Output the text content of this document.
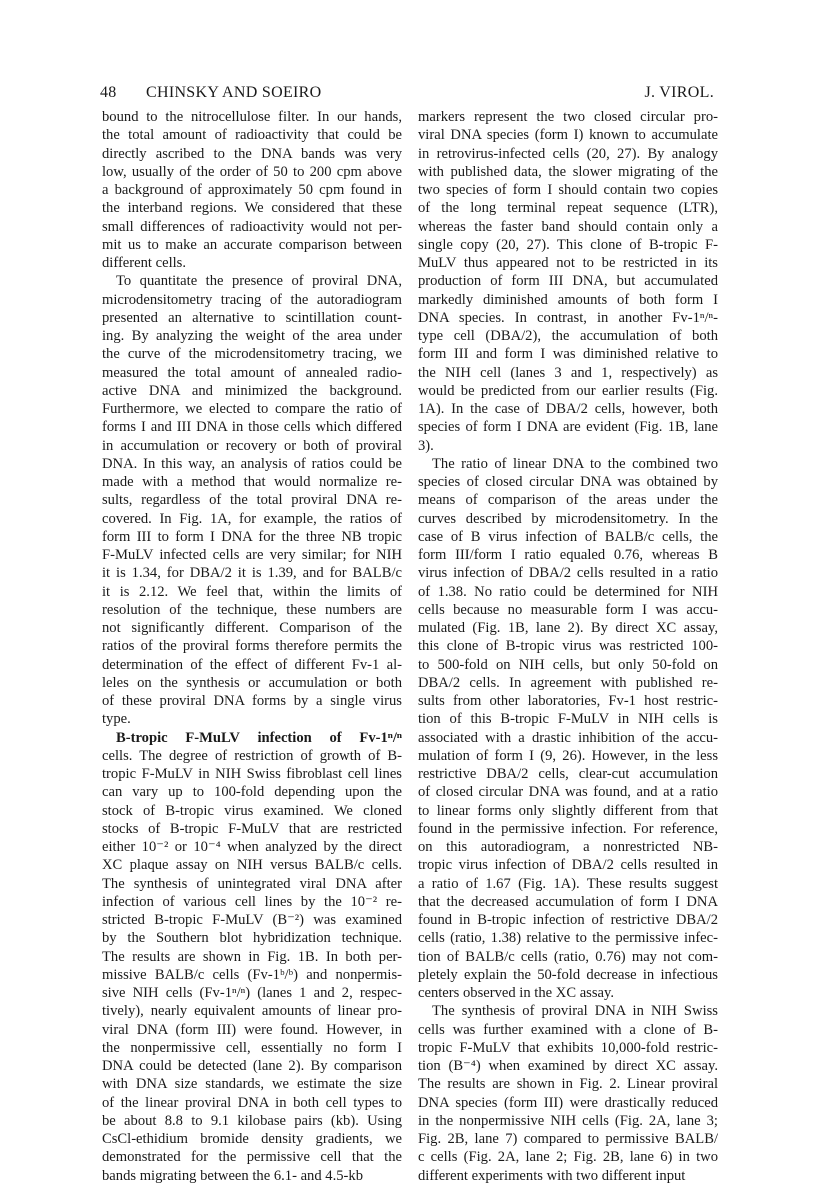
48 CHINSKY AND SOEIRO	J. VIROL.

bound to the nitrocellulose filter. In our hands,
the total amount of radioactivity that could be
directly ascribed to the DNA bands was very
low, usually of the order of 50 to 200 cpm above
a background of approximately 50 cpm found in
the interband regions. We considered that these
small differences of radioactivity would not per-
mit us to make an accurate comparison between
different cells.

To quantitate the presence of proviral DNA,
microdensitometry tracing of the autoradiogram
presented an alternative to scintillation count-
ing. By analyzing the weight of the area under
the curve of the microdensitometry tracing, we
measured the total amount of annealed radio-
active DNA and minimized the background.
Furthermore, we elected to compare the ratio of
forms I and III DNA in those cells which differed
in accumulation or recovery or both of proviral
DNA. In this way, an analysis of ratios could be
made with a method that would normalize re-
sults, regardless of the total proviral DNA re-
covered. In Fig. 1A, for example, the ratios of
form III to form I DNA for the three NB tropic
F-MuLV infected cells are very similar; for NIH
it is 1.34, for DBA/2 it is 1.39, and for BALB/c
it is 2.12. We feel that, within the limits of
resolution of the technique, these numbers are
not significantly different. Comparison of the
ratios of the proviral forms therefore permits the
determination of the effect of different Fv-1 al-
leles on the synthesis or accumulation or both
of these proviral DNA forms by a single virus
type.

B-tropic F-MuLV infection of Fv-1ⁿ/ⁿ
cells. The degree of restriction of growth of B-
tropic F-MuLV in NIH Swiss fibroblast cell lines
can vary up to 100-fold depending upon the
stock of B-tropic virus examined. We cloned
stocks of B-tropic F-MuLV that are restricted
either 10⁻² or 10⁻⁴ when analyzed by the direct
XC plaque assay on NIH versus BALB/c cells.
The synthesis of unintegrated viral DNA after
infection of various cell lines by the 10⁻² re-
stricted B-tropic F-MuLV (B⁻²) was examined
by the Southern blot hybridization technique.
The results are shown in Fig. 1B. In both per-
missive BALB/c cells (Fv-1ᵇ/ᵇ) and nonpermis-
sive NIH cells (Fv-1ⁿ/ⁿ) (lanes 1 and 2, respec-
tively), nearly equivalent amounts of linear pro-
viral DNA (form III) were found. However, in
the nonpermissive cell, essentially no form I
DNA could be detected (lane 2). By comparison
with DNA size standards, we estimate the size
of the linear proviral DNA in both cell types to
be about 8.8 to 9.1 kilobase pairs (kb). Using
CsCl-ethidium bromide density gradients, we
demonstrated for the permissive cell that the
bands migrating between the 6.1- and 4.5-kb

markers represent the two closed circular pro-
viral DNA species (form I) known to accumulate
in retrovirus-infected cells (20, 27). By analogy
with published data, the slower migrating of the
two species of form I should contain two copies
of the long terminal repeat sequence (LTR),
whereas the faster band should contain only a
single copy (20, 27). This clone of B-tropic F-
MuLV thus appeared not to be restricted in its
production of form III DNA, but accumulated
markedly diminished amounts of both form I
DNA species. In contrast, in another Fv-1ⁿ/ⁿ-
type cell (DBA/2), the accumulation of both
form III and form I was diminished relative to
the NIH cell (lanes 3 and 1, respectively) as
would be predicted from our earlier results (Fig.
1A). In the case of DBA/2 cells, however, both
species of form I DNA are evident (Fig. 1B, lane
3).

The ratio of linear DNA to the combined two
species of closed circular DNA was obtained by
means of comparison of the areas under the
curves described by microdensitometry. In the
case of B virus infection of BALB/c cells, the
form III/form I ratio equaled 0.76, whereas B
virus infection of DBA/2 cells resulted in a ratio
of 1.38. No ratio could be determined for NIH
cells because no measurable form I was accu-
mulated (Fig. 1B, lane 2). By direct XC assay,
this clone of B-tropic virus was restricted 100-
to 500-fold on NIH cells, but only 50-fold on
DBA/2 cells. In agreement with published re-
sults from other laboratories, Fv-1 host restric-
tion of this B-tropic F-MuLV in NIH cells is
associated with a drastic inhibition of the accu-
mulation of form I (9, 26). However, in the less
restrictive DBA/2 cells, clear-cut accumulation
of closed circular DNA was found, and at a ratio
to linear forms only slightly different from that
found in the permissive infection. For reference,
on this autoradiogram, a nonrestricted NB-
tropic virus infection of DBA/2 cells resulted in
a ratio of 1.67 (Fig. 1A). These results suggest
that the decreased accumulation of form I DNA
found in B-tropic infection of restrictive DBA/2
cells (ratio, 1.38) relative to the permissive infec-
tion of BALB/c cells (ratio, 0.76) may not com-
pletely explain the 50-fold decrease in infectious
centers observed in the XC assay.

The synthesis of proviral DNA in NIH Swiss
cells was further examined with a clone of B-
tropic F-MuLV that exhibits 10,000-fold restric-
tion (B⁻⁴) when examined by direct XC assay.
The results are shown in Fig. 2. Linear proviral
DNA species (form III) were drastically reduced
in the nonpermissive NIH cells (Fig. 2A, lane 3;
Fig. 2B, lane 7) compared to permissive BALB/
c cells (Fig. 2A, lane 2; Fig. 2B, lane 6) in two
different experiments with two different input
